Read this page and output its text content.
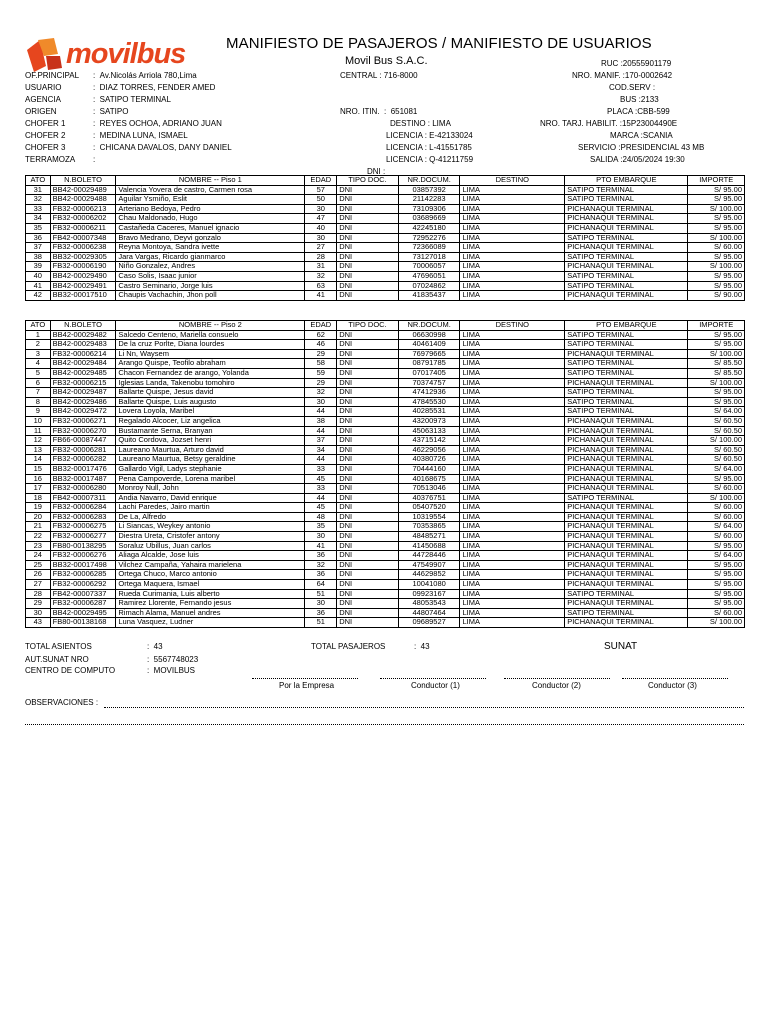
movilbus	MANIFIESTO DE PASAJEROS / MANIFIESTO DE USUARIOS
Movil Bus S.A.C.
OF.PRINCIPAL :  Av.Nicolás Arriola 780,Lima
USUARIO	:  DIAZ TORRES, FENDER AMED
AGENCIA	:  SATIPO TERMINAL
ORIGEN	:  SATIPO
CHOFER 1	:  REYES OCHOA, ADRIANO JUAN
CHOFER 2	:  MEDINA LUNA, ISMAEL
CHOFER 3	:  CHICANA DAVALOS, DANY DANIEL
TERRAMOZA :
CENTRAL : 716-8000

NRO. ITIN.  :  651081
DESTINO : LIMA
LICENCIA : E-42133024
LICENCIA : L-41551785
LICENCIA : Q-41211759
DNI :
RUC :20555901179
NRO. MANIF. :170-0002642
COD.SERV :
BUS :2133
PLACA :CBB-599
NRO. TARJ. HABILIT. :15P23004490E
MARCA :SCANIA
SERVICIO :PRESIDENCIAL 43 MB
SALIDA :24/05/2024 19:30
ATO	N.BOLETO	NOMBRE -- Piso 1	EDAD	TIPO DOC.	NR.DOCUM.	DESTINO	PTO EMBARQUE	IMPORTE
31	BB42-00029489	Valencia Yovera de castro, Carmen rosa	57	DNI	03857392	LIMA	SATIPO TERMINAL	S/ 95.00
32	BB42-00029488	Aguilar Ysmiño, Eslit	50	DNI	21142283	LIMA	SATIPO TERMINAL	S/ 95.00
33	FB32-00006213	Arteriano Bedoya, Pedro	30	DNI	73109306	LIMA	PICHANAQUI TERMINAL	S/ 100.00
34	FB32-00006202	Chau Maldonado, Hugo	47	DNI	03689669	LIMA	PICHANAQUI TERMINAL	S/ 95.00
35	FB32-00006211	Castañeda Caceres, Manuel ignacio	40	DNI	42245180	LIMA	PICHANAQUI TERMINAL	S/ 95.00
36	FB42-00007348	Bravo Medrano, Deyvi gonzalo	30	DNI	72952276	LIMA	SATIPO TERMINAL	S/ 100.00
37	FB32-00006238	Reyna Montoya, Sandra ivette	27	DNI	72366089	LIMA	PICHANAQUI TERMINAL	S/ 60.00
38	BB32-00029305	Jara Vargas, Ricardo gianmarco	28	DNI	73127018	LIMA	SATIPO TERMINAL	S/ 95.00
39	FB32-00006190	Niño Gonzalez, Andres	31	DNI	70006057	LIMA	PICHANAQUI TERMINAL	S/ 100.00
40	BB42-00029490	Caso Solis, Isaac junior	32	DNI	47696051	LIMA	SATIPO TERMINAL	S/ 95.00
41	BB42-00029491	Castro Seminario, Jorge luis	63	DNI	07024862	LIMA	SATIPO TERMINAL	S/ 95.00
42	BB32-00017510	Chaupis Vachachin, Jhon poll	41	DNI	41835437	LIMA	PICHANAQUI TERMINAL	S/ 90.00
ATO	N.BOLETO	NOMBRE -- Piso 2	EDAD	TIPO DOC.	NR.DOCUM.	DESTINO	PTO EMBARQUE	IMPORTE
1	BB42-00029482	Salcedo Centeno, Mariella consuelo	62	DNI	06630998	LIMA	SATIPO TERMINAL	S/ 95.00
2	BB42-00029483	De la cruz Porlte, Diana lourdes	46	DNI	40461409	LIMA	SATIPO TERMINAL	S/ 95.00
3	FB32-00006214	Li Nn, Waysem	29	DNI	76979665	LIMA	PICHANAQUI TERMINAL	S/ 100.00
4	BB42-00029484	Arango Quispe, Teofilo abraham	58	DNI	08791785	LIMA	SATIPO TERMINAL	S/ 85.50
5	BB42-00029485	Chacon Fernandez de arango, Yolanda	59	DNI	07017405	LIMA	SATIPO TERMINAL	S/ 85.50
6	FB32-00006215	Iglesias Landa, Takenobu tomohiro	29	DNI	70374757	LIMA	PICHANAQUI TERMINAL	S/ 100.00
7	BB42-00029487	Ballarte Quispe, Jesus david	32	DNI	47412936	LIMA	SATIPO TERMINAL	S/ 95.00
8	BB42-00029486	Ballarte Quispe, Luis augusto	30	DNI	47845530	LIMA	SATIPO TERMINAL	S/ 95.00
9	BB42-00029472	Lovera Loyola, Maribel	44	DNI	40285531	LIMA	SATIPO TERMINAL	S/ 64.00
10	FB32-00006271	Regalado Alcocer, Liz angelica	38	DNI	43200973	LIMA	PICHANAQUI TERMINAL	S/ 60.50
11	FB32-00006270	Bustamante Serna, Branyan	44	DNI	45063133	LIMA	PICHANAQUI TERMINAL	S/ 60.50
12	FB66-00087447	Quito Cordova, Jozset henri	37	DNI	43715142	LIMA	PICHANAQUI TERMINAL	S/ 100.00
13	FB32-00006281	Laureano Maurtua, Arturo david	34	DNI	46229056	LIMA	PICHANAQUI TERMINAL	S/ 60.50
14	FB32-00006282	Laureano Maurtua, Betsy geraldine	44	DNI	40380726	LIMA	PICHANAQUI TERMINAL	S/ 60.50
15	BB32-00017476	Gallardo Vigil, Ladys stephanie	33	DNI	70444160	LIMA	PICHANAQUI TERMINAL	S/ 64.00
16	BB32-00017487	Pena Campoverde, Lorena maribel	45	DNI	40168675	LIMA	PICHANAQUI TERMINAL	S/ 95.00
17	FB32-00006280	Monroy Null, John	33	DNI	70513046	LIMA	PICHANAQUI TERMINAL	S/ 60.00
18	FB42-00007311	Andia Navarro, David enrique	44	DNI	40376751	LIMA	SATIPO TERMINAL	S/ 100.00
19	FB32-00006284	Lachi Paredes, Jairo martin	45	DNI	05407520	LIMA	PICHANAQUI TERMINAL	S/ 60.00
20	FB32-00006283	De La, Alfredo	48	DNI	10319554	LIMA	PICHANAQUI TERMINAL	S/ 60.00
21	FB32-00006275	Li Siancas, Weykey antonio	35	DNI	70353865	LIMA	PICHANAQUI TERMINAL	S/ 64.00
22	FB32-00006277	Diestra Ureta, Cristofer antony	30	DNI	48485271	LIMA	PICHANAQUI TERMINAL	S/ 60.00
23	FB80-00138295	Soraluz Ubillus, Juan carlos	41	DNI	41450688	LIMA	PICHANAQUI TERMINAL	S/ 95.00
24	FB32-00006276	Aliaga Alcalde, Jose luis	36	DNI	44728446	LIMA	PICHANAQUI TERMINAL	S/ 64.00
25	BB32-00017498	Vilchez Campaña, Yahaira marielena	32	DNI	47549907	LIMA	PICHANAQUI TERMINAL	S/ 95.00
26	FB32-00006285	Ortega Chuco, Marco antonio	36	DNI	44629852	LIMA	PICHANAQUI TERMINAL	S/ 95.00
27	FB32-00006292	Ortega Maquera, Ismael	64	DNI	10041080	LIMA	PICHANAQUI TERMINAL	S/ 95.00
28	FB42-00007337	Rueda Curimania, Luis alberto	51	DNI	09923167	LIMA	SATIPO TERMINAL	S/ 95.00
29	FB32-00006287	Ramirez Llorente, Fernando jesus	30	DNI	48053543	LIMA	PICHANAQUI TERMINAL	S/ 95.00
30	BB42-00029495	Rimach Alama, Manuel andres	36	DNI	44807464	LIMA	SATIPO TERMINAL	S/ 60.00
43	FB80-00138168	Luna Vasquez, Ludner	51	DNI	09689527	LIMA	PICHANAQUI TERMINAL	S/ 100.00
TOTAL ASIENTOS	:  43
AUT.SUNAT NRO	:  5567748023
CENTRO DE COMPUTO	:  MOVILBUS
TOTAL PASAJEROS	:  43	SUNAT
Por la Empresa	Conductor (1)	Conductor (2)	Conductor (3)
OBSERVACIONES :
